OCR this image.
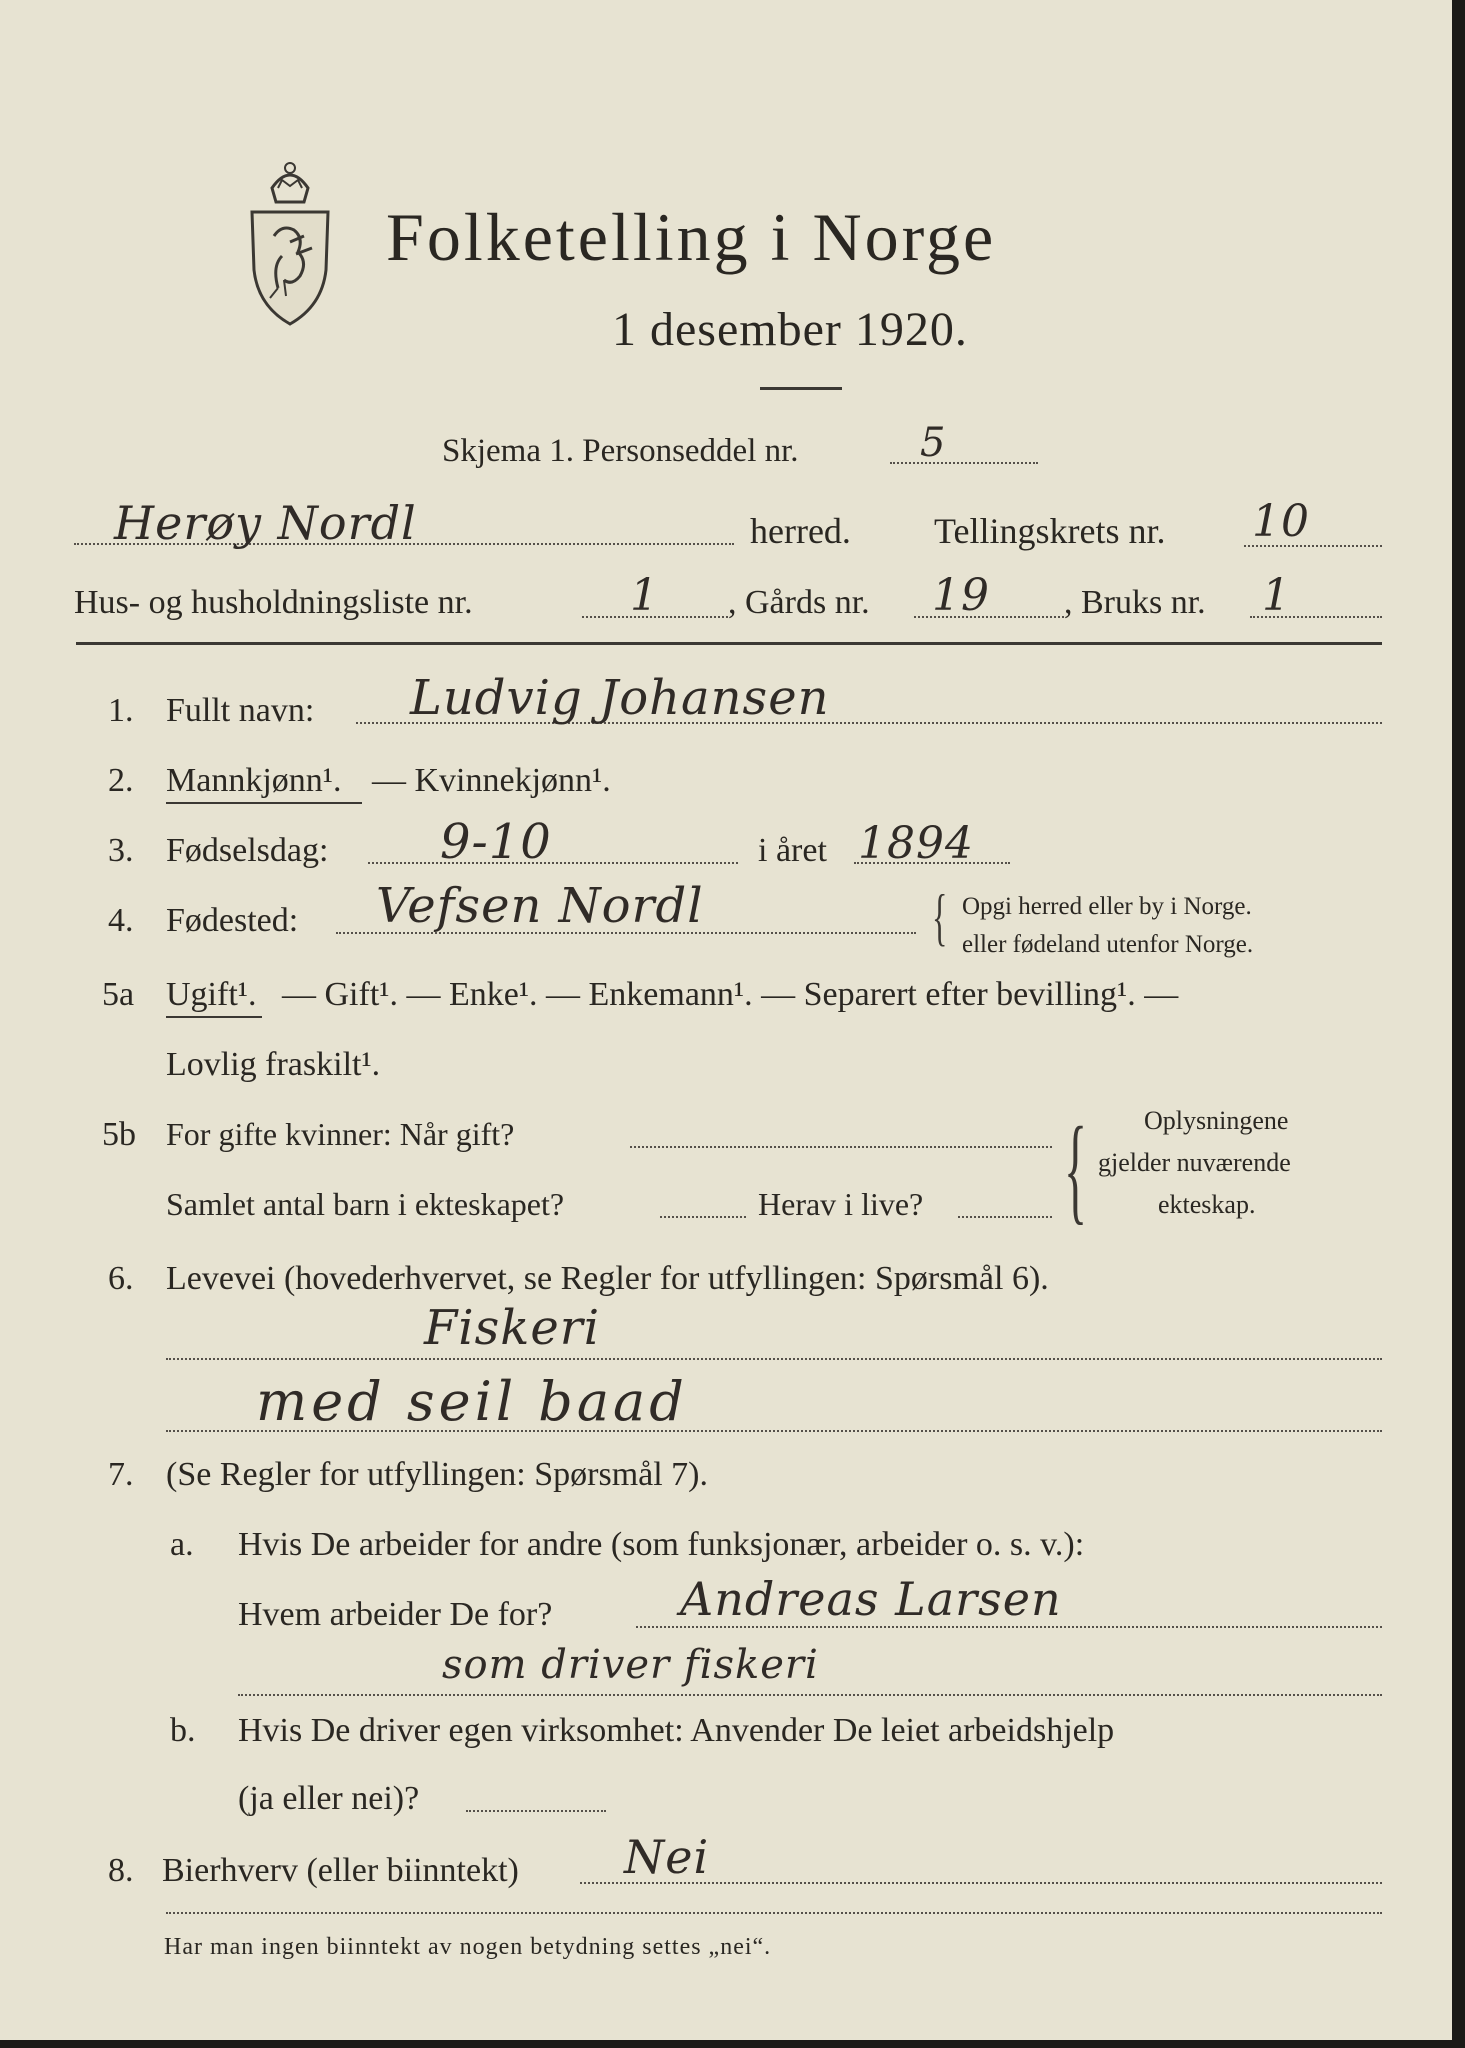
Folketelling i Norge
1 desember 1920.
Skjema 1. Personseddel nr.	5
Herøy Nordl	herred. Tellingskrets nr. 10
Hus- og husholdningsliste nr.	1 , Gårds nr. 19 , Bruks nr. 1
1. Fullt navn: Ludvig Johansen
2. Mannkjønn¹. — Kvinnekjønn¹.
3. Fødselsdag: 9-10	i året 1894
4. Fødested: Vefsen Nordl	{ Opgi herred eller by i Norge.
eller fødeland utenfor Norge.
5a Ugift¹. — Gift¹. — Enke¹. — Enkemann¹. — Separert efter bevilling¹. —
Lovlig fraskilt¹.
5b For gifte kvinner: Når gift?
Samlet antal barn i ekteskapet?	Herav i live? { Oplysningene
gjelder nuværende
ekteskap.
6. Levevei (hovederhvervet, se Regler for utfyllingen: Spørsmål 6).
Fiskeri
med seil baad
7. (Se Regler for utfyllingen: Spørsmål 7).
a. Hvis De arbeider for andre (som funksjonær, arbeider o. s. v.):
Hvem arbeider De for?	Andreas Larsen
som driver fiskeri
b. Hvis De driver egen virksomhet: Anvender De leiet arbeidshjelp
(ja eller nei)?
8. Bierhverv (eller biinntekt) Nei
Har man ingen biinntekt av nogen betydning settes „nei“.
